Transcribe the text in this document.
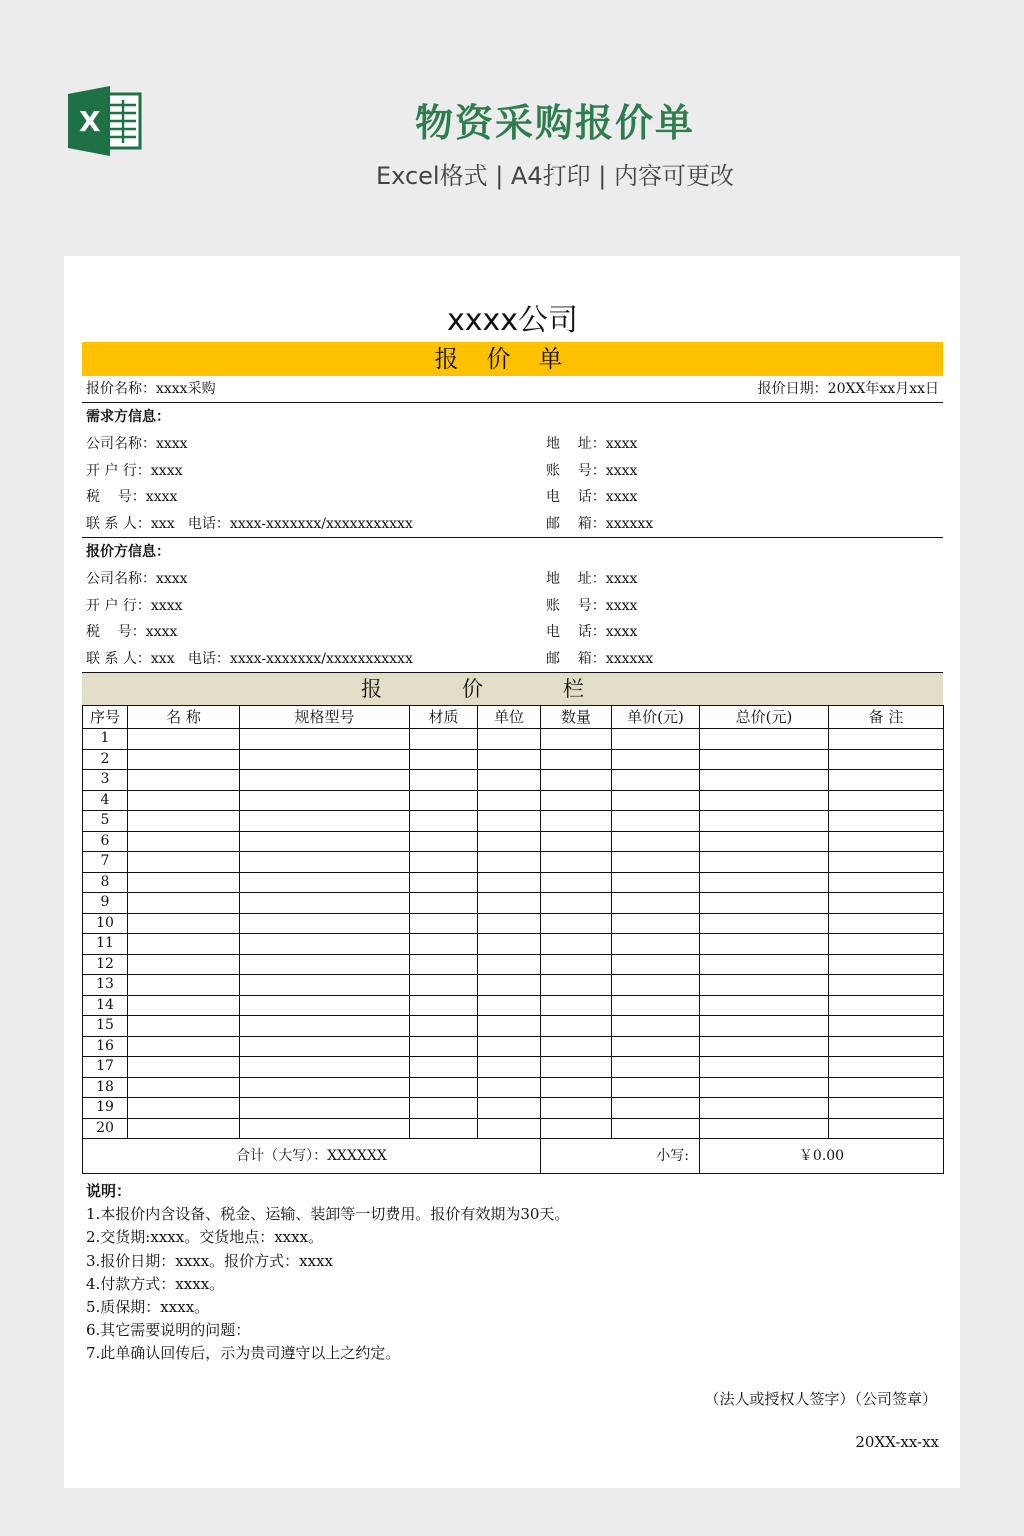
X	物资采购报价单
Excel格式 | A4打印 | 内容可更改
xxxx公司
报价单
报价名称：xxxx采购	报价日期：20XX年xx月xx日
需求方信息：
公司名称：xxxx	地    址：xxxx
开 户 行：xxxx	账    号：xxxx
税    号：xxxx	电    话：xxxx
联 系 人：xxx   电话：xxxx-xxxxxxx/xxxxxxxxxxx	邮    箱：xxxxxx
报价方信息：
公司名称：xxxx	地    址：xxxx
开 户 行：xxxx	账    号：xxxx
税    号：xxxx	电    话：xxxx
联 系 人：xxx   电话：xxxx-xxxxxxx/xxxxxxxxxxx	邮    箱：xxxxxx
报价栏
序号	名 称	规格型号	材质	单位	数量	单价(元)	总价(元)	备 注
1								
2								
3								
4								
5								
6								
7								
8								
9								
10								
11								
12								
13								
14								
15								
16								
17								
18								
19								
20								
合计（大写）：XXXXXX					小写:		￥0.00	
说明：
1.本报价内含设备、税金、运输、装卸等一切费用。报价有效期为30天。
2.交货期:xxxx。交货地点：xxxx。
3.报价日期：xxxx。报价方式：xxxx
4.付款方式：xxxx。
5.质保期：xxxx。
6.其它需要说明的问题：
7.此单确认回传后，示为贵司遵守以上之约定。
（法人或授权人签字）（公司签章）
20XX-xx-xx
